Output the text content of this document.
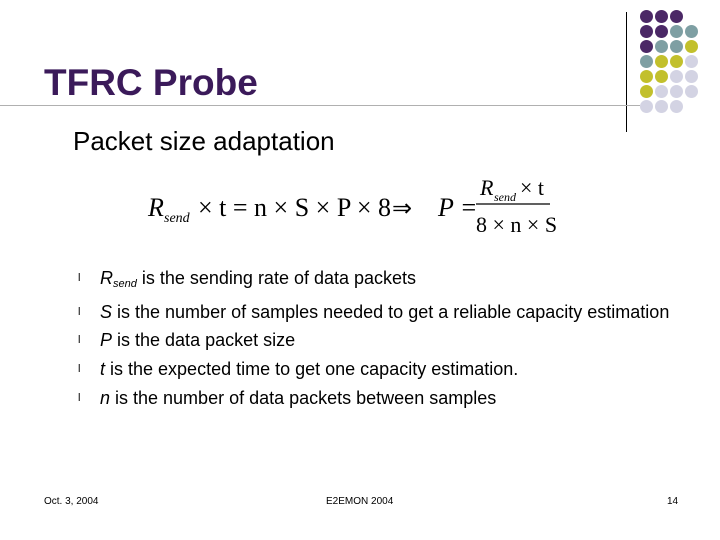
TFRC Probe
Packet size adaptation
R send × t = n × S × P × 8 ⇒ P =
R send × t
8 × n × S
l $R_{send}$ is the sending rate of data packets
l S is the number of samples needed to get a reliable capacity estimation
l P is the data packet size
l t is the expected time to get one capacity estimation.
l n is the number of data packets between samples
Oct. 3, 2004	E2EMON 2004	14
